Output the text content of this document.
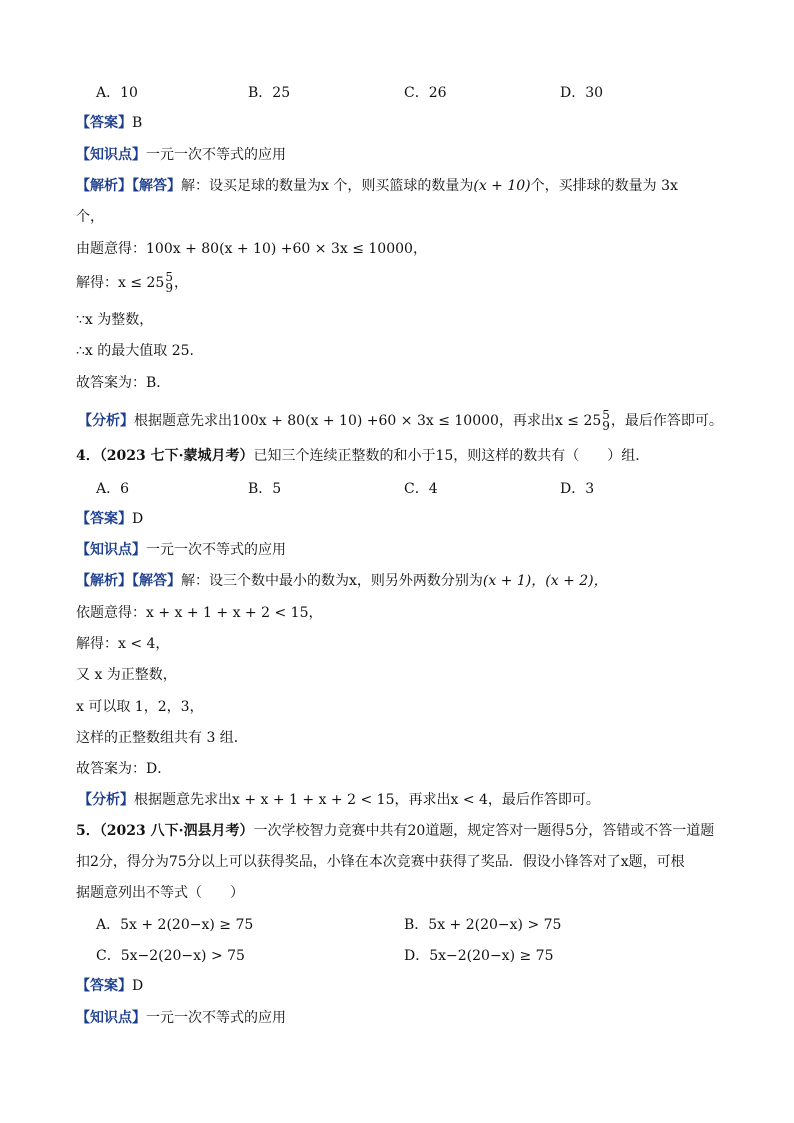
A．10	B．25	C．26	D．30
【答案】B
【知识点】一元一次不等式的应用
【解析】【解答】解：设买足球的数量为x 个，则买篮球的数量为(x + 10)个，买排球的数量为 3x
个，
由题意得：100x + 80(x + 10) +60 × 3x ≤ 10000，
解得：x ≤ 25 5
9 ，
∵x 为整数，
∴x 的最大值取 25．
故答案为：B．
【分析】根据题意先求出100x + 80(x + 10) +60 × 3x ≤ 10000，再求出x ≤ 25 5
9 ，最后作答即可。
4．（2023 七下·蒙城月考）已知三个连续正整数的和小于15，则这样的数共有（　　）组．
A．6	B．5	C．4	D．3
【答案】D
【知识点】一元一次不等式的应用
【解析】【解答】解：设三个数中最小的数为x，则另外两数分别为(x + 1)，(x + 2)，
依题意得：x + x + 1 + x + 2 < 15，
解得：x < 4，
又 x 为正整数，
x 可以取 1，2，3，
这样的正整数组共有 3 组．
故答案为：D．
【分析】根据题意先求出x + x + 1 + x + 2 < 15，再求出x < 4，最后作答即可。
5．（2023 八下·泗县月考）一次学校智力竞赛中共有20道题，规定答对一题得5分，答错或不答一道题
扣2分，得分为75分以上可以获得奖品，小锋在本次竞赛中获得了奖品．假设小锋答对了x题，可根
据题意列出不等式（　　）
A．5x + 2(20−x) ≥ 75	B．5x + 2(20−x) > 75
C．5x−2(20−x) > 75	D．5x−2(20−x) ≥ 75
【答案】D
【知识点】一元一次不等式的应用
